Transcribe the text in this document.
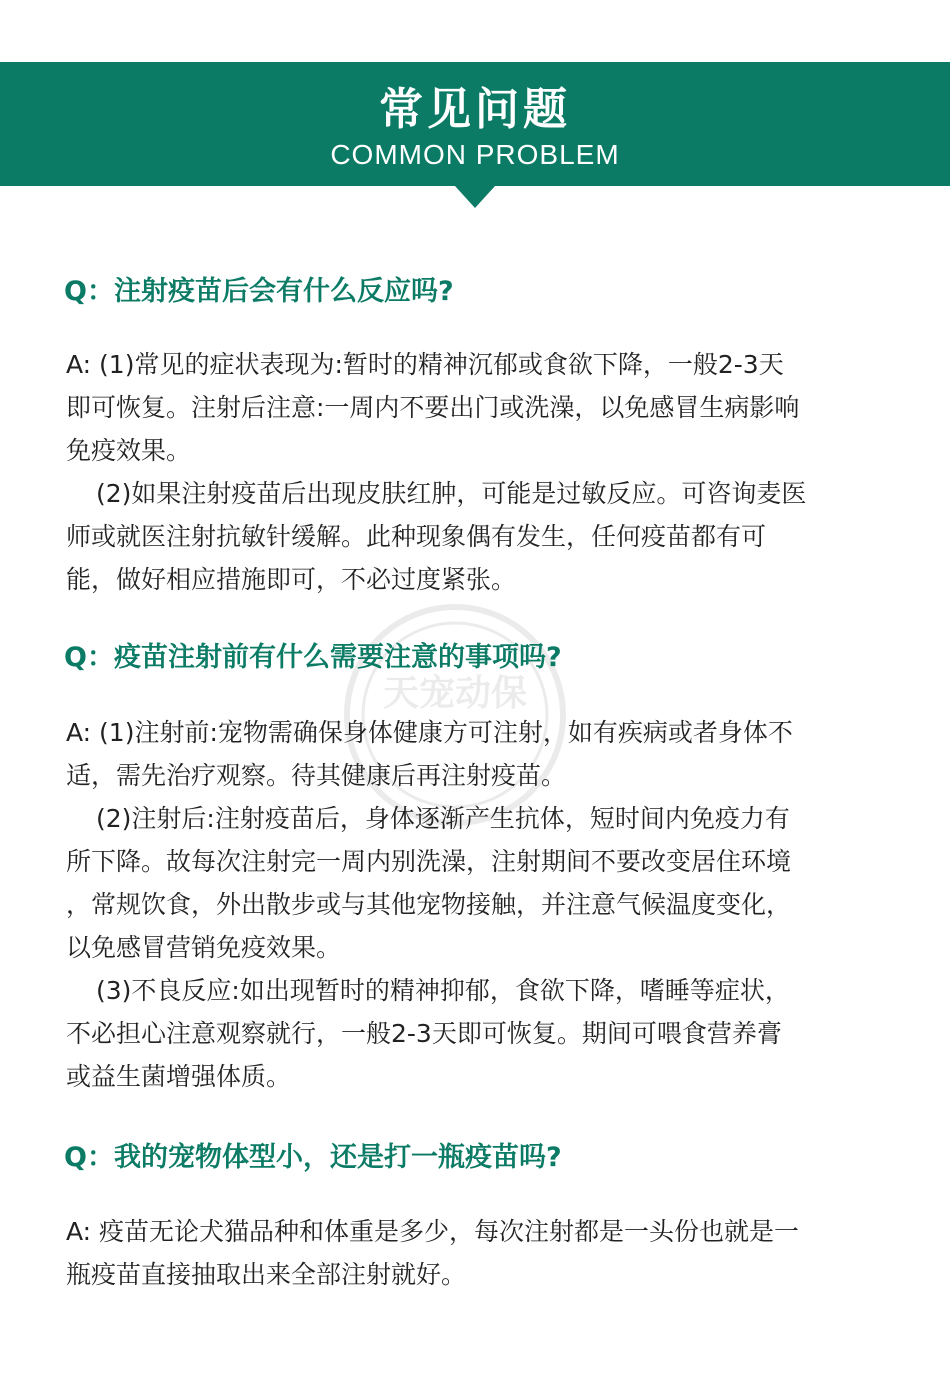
常见问题
COMMON PROBLEM
天宠动保
Q：注射疫苗后会有什么反应吗?

A: (1)常见的症状表现为:暂时的精神沉郁或食欲下降，一般2-3天
即可恢复。注射后注意:一周内不要出门或洗澡，以免感冒生病影响
免疫效果。

(2)如果注射疫苗后出现皮肤红肿，可能是过敏反应。可咨询麦医
师或就医注射抗敏针缓解。此种现象偶有发生，任何疫苗都有可
能，做好相应措施即可，不必过度紧张。

Q：疫苗注射前有什么需要注意的事项吗?

A: (1)注射前:宠物需确保身体健康方可注射，如有疾病或者身体不
适，需先治疗观察。待其健康后再注射疫苗。

(2)注射后:注射疫苗后，身体逐渐产生抗体，短时间内免疫力有
所下降。故每次注射完一周内别洗澡，注射期间不要改变居住环境
，常规饮食，外出散步或与其他宠物接触，并注意气候温度变化，
以免感冒营销免疫效果。

(3)不良反应:如出现暂时的精神抑郁，食欲下降，嗜睡等症状，
不必担心注意观察就行，一般2-3天即可恢复。期间可喂食营养膏
或益生菌增强体质。

Q：我的宠物体型小，还是打一瓶疫苗吗?

A: 疫苗无论犬猫品种和体重是多少，每次注射都是一头份也就是一
瓶疫苗直接抽取出来全部注射就好。
